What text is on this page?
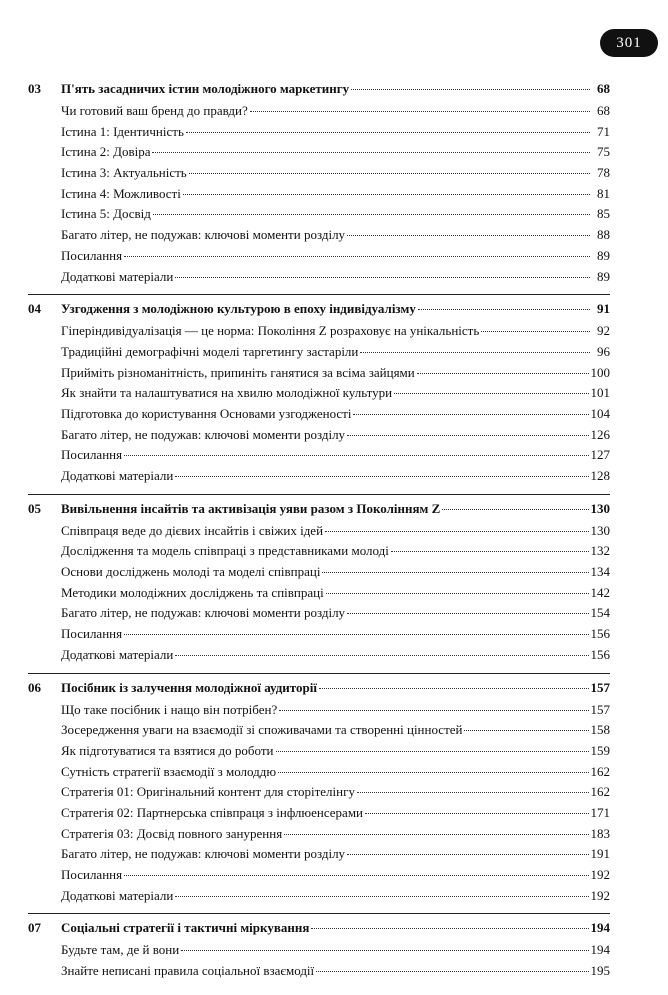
301
03	П'ять засадничих істин молодіжного маркетингу	68
Чи готовий ваш бренд до правди?	68
Істина 1: Ідентичність	71
Істина 2: Довіра	75
Істина 3: Актуальність	78
Істина 4: Можливості	81
Істина 5: Досвід	85
Багато літер, не подужав: ключові моменти розділу	88
Посилання	89
Додаткові матеріали	89
04	Узгодження з молодіжною культурою в епоху індивідуалізму	91
Гіперіндивідуалізація — це норма: Покоління Z розраховує на унікальність	92
Традиційні демографічні моделі таргетингу застаріли	96
Прийміть різноманітність, припиніть ганятися за всіма зайцями	100
Як знайти та налаштуватися на хвилю молодіжної культури	101
Підготовка до користування Основами узгодженості	104
Багато літер, не подужав: ключові моменти розділу	126
Посилання	127
Додаткові матеріали	128
05	Вивільнення інсайтів та активізація уяви разом з Поколінням Z	130
Співпраця веде до дієвих інсайтів і свіжих ідей	130
Дослідження та модель співпраці з представниками молоді	132
Основи досліджень молоді та моделі співпраці	134
Методики молодіжних досліджень та співпраці	142
Багато літер, не подужав: ключові моменти розділу	154
Посилання	156
Додаткові матеріали	156
06	Посібник із залучення молодіжної аудиторії	157
Що таке посібник і нащо він потрібен?	157
Зосередження уваги на взаємодії зі споживачами та створенні цінностей	158
Як підготуватися та взятися до роботи	159
Сутність стратегії взаємодії з молоддю	162
Стратегія 01: Оригінальний контент для сторітелінгу	162
Стратегія 02: Партнерська співпраця з інфлюенсерами	171
Стратегія 03: Досвід повного занурення	183
Багато літер, не подужав: ключові моменти розділу	191
Посилання	192
Додаткові матеріали	192
07	Соціальні стратегії і тактичні міркування	194
Будьте там, де й вони	194
Знайте неписані правила соціальної взаємодії	195
